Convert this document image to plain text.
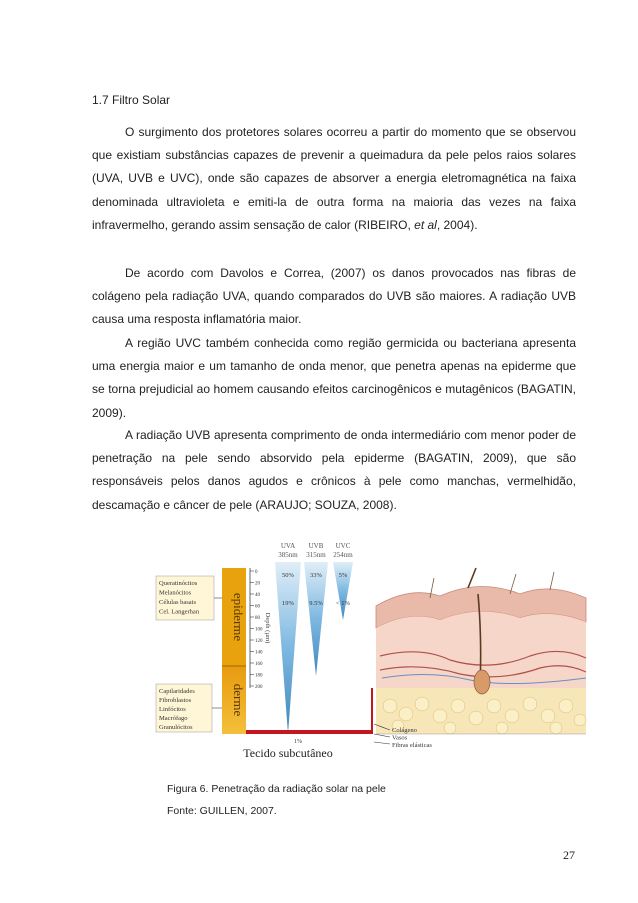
1.7 Filtro Solar

O surgimento dos protetores solares ocorreu a partir do momento que se observou que existiam substâncias capazes de prevenir a queimadura da pele pelos raios solares (UVA, UVB e UVC), onde são capazes de absorver a energia eletromagnética na faixa denominada ultravioleta e emiti-la de outra forma na maioria das vezes na faixa infravermelho, gerando assim sensação de calor (RIBEIRO, et al, 2004).

De acordo com Davolos e Correa, (2007) os danos provocados nas fibras de colágeno pela radiação UVA, quando comparados do UVB são maiores. A radiação UVB causa uma resposta inflamatória maior.

A região UVC também conhecida como região germicida ou bacteriana apresenta uma energia maior e um tamanho de onda menor, que penetra apenas na epiderme que se torna prejudicial ao homem causando efeitos carcinogênicos e mutagênicos (BAGATIN, 2009).

A radiação UVB apresenta comprimento de onda intermediário com menor poder de penetração na pele sendo absorvido pela epiderme (BAGATIN, 2009), que são responsáveis pelos danos agudos e crônicos à pele como manchas, vermelhidão, descamação e câncer de pele (ARAUJO; SOUZA, 2008).

UVA
385nm
UVB
315nm
UVC
254nm
50% 33%	5%
19% 9.5% < 1%
epiderme
derme
0
20
40
60
80
100
120
140
160
180
200
Depth (µm)
Queratinócitos
Melanócitos
Células basais
Cel. Langerhan
Capilaridades
Fibroblastos
Linfócitos
Macrófago
Granulócitos
1%
Tecido subcutâneo
Colágeno
Vasos
Fibras elásticas
Figura 6. Penetração da radiação solar na pele
Fonte: GUILLEN, 2007.
27
